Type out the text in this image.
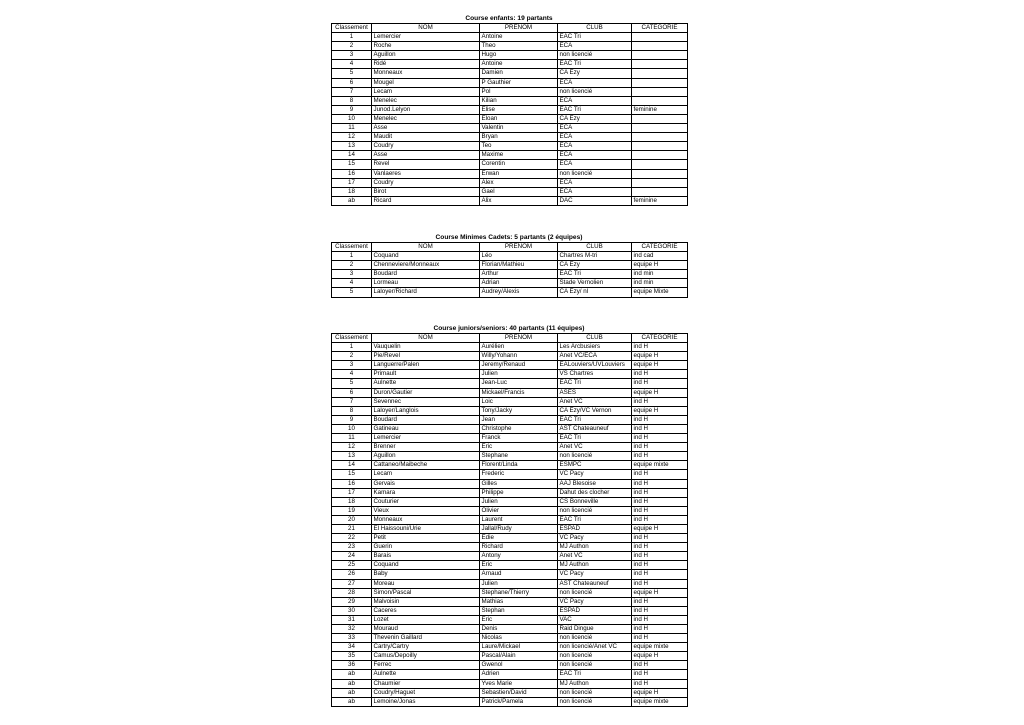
Course enfants: 19 partants
Classement	NOM	PRENOM	CLUB	CATEGORIE
1	Lemercier	Antoine	EAC Tri	
2	Roche	Theo	ECA	
3	Aguillon	Hugo	non licencié	
4	Ridé	Antoine	EAC Tri	
5	Monneaux	Damien	CA Ezy	
6	Mougel	P Gauthier	ECA	
7	Lecam	Pol	non licencié	
8	Menelec	Kilian	ECA	
9	Junod.Lelyon	Elise	EAC Tri	feminine
10	Menelec	Eloan	CA Ezy	
11	Asse	Valentin	ECA	
12	Maudit	Bryan	ECA	
13	Coudry	Teo	ECA	
14	Asse	Maxime	ECA	
15	Revel	Corentin	ECA	
16	Vanlaeres	Erwan	non licencié	
17	Coudry	Alex	ECA	
18	Birot	Gael	ECA	
ab	Ricard	Alix	DAC	feminine
Course Minimes Cadets: 5 partants (2 équipes)
Classement	NOM	PRENOM	CLUB	CATEGORIE
1	Coquand	Léo	Chartres M-tri	ind cad
2	Chenneviere/Monneaux	Florian/Mathieu	CA Ezy	equipe H
3	Boudard	Arthur	EAC Tri	ind min
4	Lormeau	Adrian	Stade Vernolien	ind min
5	Laloyer/Richard	Audrey/Alexis	CA Ezy/ nl	equipe Mixte
Course juniors/seniors: 40 partants (11 équipes)
Classement	NOM	PRENOM	CLUB	CATEGORIE
1	Vauquelin	Aurélien	Les Arcbusiers	ind H
2	Pie/Revel	Willy/Yohann	Anet VC/ECA	equipe H
3	Languerre/Palen	Jeremy/Renaud	EALouviers/UVLouviers	equipe H
4	Primault	Julien	VS Chartres	ind H
5	Aulnette	Jean-Luc	EAC Tri	ind H
6	Duron/Gautier	Mickael/Francis	ASES	equipe H
7	Sevennec	Loic	Anet VC	ind H
8	Laloyer/Langlois	Tony/Jacky	CA Ezy/VC Vernon	equipe H
9	Boudard	Jean	EAC Tri	ind H
10	Gatineau	Christophe	AST Chateauneuf	ind H
11	Lemercier	Franck	EAC Tri	ind H
12	Brenner	Eric	Anet VC	ind H
13	Aguillon	Stephane	non licencié	ind H
14	Cattaneo/Maibeche	Florent/Linda	ESMPC	equipe mixte
15	Lecam	Frederic	VC Pacy	ind H
16	Gervais	Gilles	AAJ Blesoise	ind H
17	Kamara	Philippe	Dahut des clocher	ind H
18	Couturier	Julien	CS Bonneville	ind H
19	Vieux	Olivier	non licencié	ind H
20	Monneaux	Laurent	EAC Tri	ind H
21	El Haissouni/Urie	Jallal/Rudy	ESPAD	equipe H
22	Petit	Edie	VC Pacy	ind H
23	Guerin	Richard	MJ Authon	ind H
24	Barais	Antony	Anet VC	ind H
25	Coquand	Eric	MJ Authon	ind H
26	Baby	Arnaud	VC Pacy	ind H
27	Moreau	Julien	AST Chateauneuf	ind H
28	Simon/Pascal	Stephane/Thierry	non licencié	equipe H
29	Malvoisin	Mathias	VC Pacy	ind H
30	Caceres	Stephan	ESPAD	ind H
31	Lozet	Eric	VAC	ind H
32	Mouraud	Denis	Raid Dingue	ind H
33	Thevenin Gaillard	Nicolas	non licencié	ind H
34	Cartry/Cartry	Laure/Mickael	non licencié/Anet VC	equipe mixte
35	Camus/Depoilly	Pascal/Alain	non licencié	equipe H
36	Ferrec	Gwenol	non licencié	ind H
ab	Aulnette	Adrien	EAC Tri	ind H
ab	Chaumier	Yves Marie	MJ Authon	ind H
ab	Coudry/Haguet	Sebastien/David	non licencié	equipe H
ab	Lemoine/Jonas	Patrick/Pamela	non licencié	equipe mixte
